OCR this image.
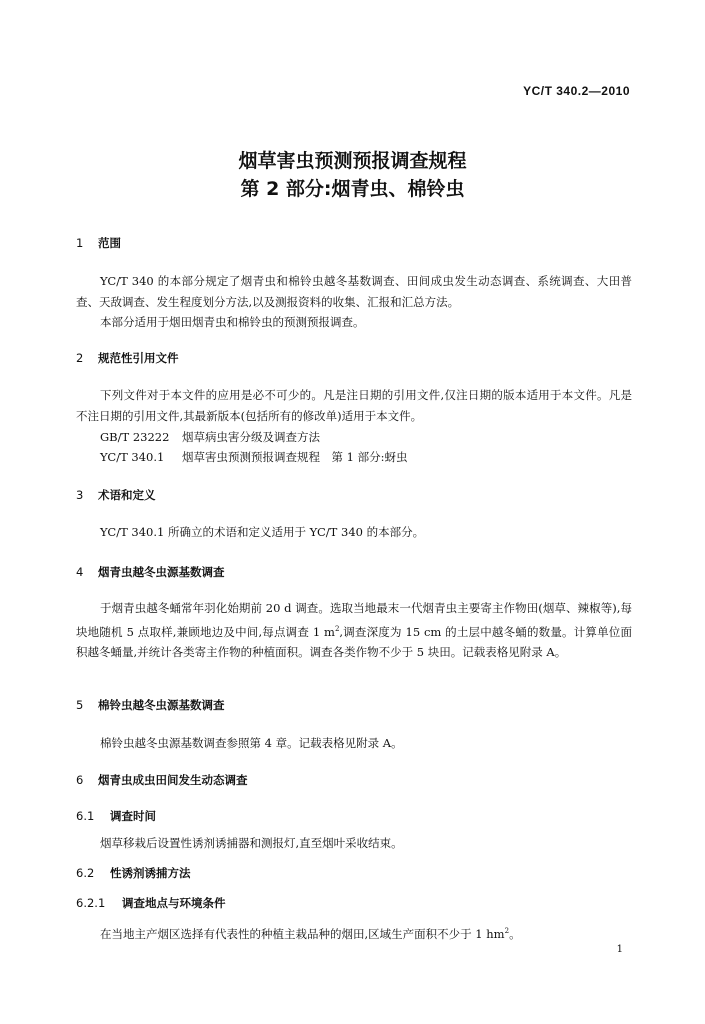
YC/T 340.2—2010
烟草害虫预测预报调查规程
第 2 部分:烟青虫、棉铃虫
1 范围
YC/T 340 的本部分规定了烟青虫和棉铃虫越冬基数调查、田间成虫发生动态调查、系统调查、大田普查、天敌调查、发生程度划分方法,以及测报资料的收集、汇报和汇总方法。
本部分适用于烟田烟青虫和棉铃虫的预测预报调查。
2 规范性引用文件
下列文件对于本文件的应用是必不可少的。凡是注日期的引用文件,仅注日期的版本适用于本文件。凡是不注日期的引用文件,其最新版本(包括所有的修改单)适用于本文件。
GB/T 23222 烟草病虫害分级及调查方法
YC/T 340.1 烟草害虫预测预报调查规程　第 1 部分:蚜虫
3 术语和定义
YC/T 340.1 所确立的术语和定义适用于 YC/T 340 的本部分。
4 烟青虫越冬虫源基数调查
于烟青虫越冬蛹常年羽化始期前 20 d 调查。选取当地最末一代烟青虫主要寄主作物田(烟草、辣椒等),每块地随机 5 点取样,兼顾地边及中间,每点调查 1 $m^2$,调查深度为 15 cm 的土层中越冬蛹的数量。计算单位面积越冬蛹量,并统计各类寄主作物的种植面积。调查各类作物不少于 5 块田。记载表格见附录 A。
5 棉铃虫越冬虫源基数调查
棉铃虫越冬虫源基数调查参照第 4 章。记载表格见附录 A。
6 烟青虫成虫田间发生动态调查
6.1 调查时间
烟草移栽后设置性诱剂诱捕器和测报灯,直至烟叶采收结束。
6.2 性诱剂诱捕方法
6.2.1 调查地点与环境条件
在当地主产烟区选择有代表性的种植主栽品种的烟田,区域生产面积不少于 1 $hm^2$。
1
